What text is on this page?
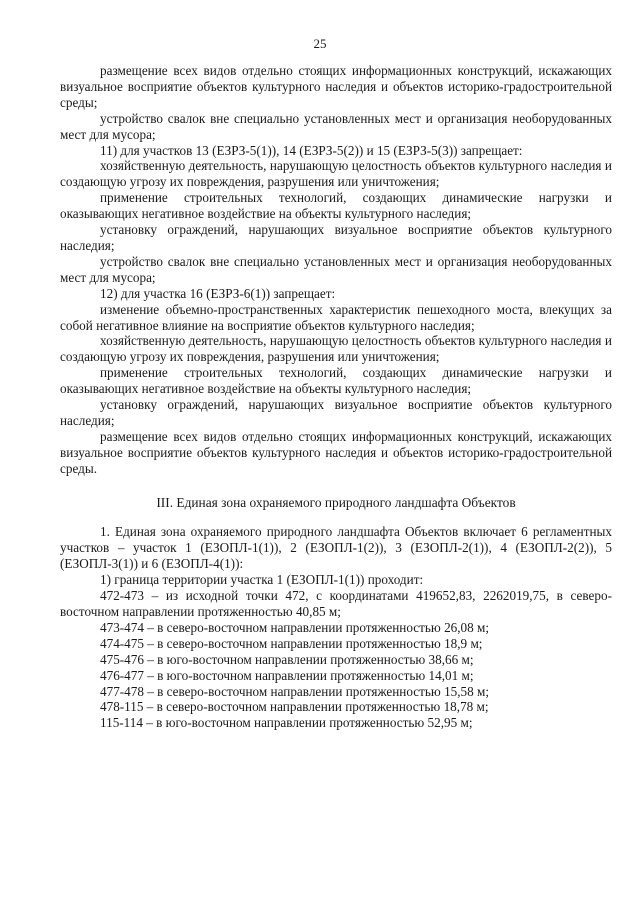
25

размещение всех видов отдельно стоящих информационных конструкций, искажающих визуальное восприятие объектов культурного наследия и объектов историко-градостроительной среды;

устройство свалок вне специально установленных мест и организация необорудованных мест для мусора;

11) для участков 13 (ЕЗРЗ-5(1)), 14 (ЕЗРЗ-5(2)) и 15 (ЕЗРЗ-5(3)) запрещает:

хозяйственную деятельность, нарушающую целостность объектов культурного наследия и создающую угрозу их повреждения, разрушения или уничтожения;

применение строительных технологий, создающих динамические нагрузки и оказывающих негативное воздействие на объекты культурного наследия;

установку ограждений, нарушающих визуальное восприятие объектов культурного наследия;

устройство свалок вне специально установленных мест и организация необорудованных мест для мусора;

12) для участка 16 (ЕЗРЗ-6(1)) запрещает:

изменение объемно-пространственных характеристик пешеходного моста, влекущих за собой негативное влияние на восприятие объектов культурного наследия;

хозяйственную деятельность, нарушающую целостность объектов культурного наследия и создающую угрозу их повреждения, разрушения или уничтожения;

применение строительных технологий, создающих динамические нагрузки и оказывающих негативное воздействие на объекты культурного наследия;

установку ограждений, нарушающих визуальное восприятие объектов культурного наследия;

размещение всех видов отдельно стоящих информационных конструкций, искажающих визуальное восприятие объектов культурного наследия и объектов историко-градостроительной среды.

III. Единая зона охраняемого природного ландшафта Объектов

1. Единая зона охраняемого природного ландшафта Объектов включает 6 регламентных участков – участок 1 (ЕЗОПЛ-1(1)), 2 (ЕЗОПЛ-1(2)), 3 (ЕЗОПЛ-2(1)), 4 (ЕЗОПЛ-2(2)), 5 (ЕЗОПЛ-3(1)) и 6 (ЕЗОПЛ-4(1)):

1) граница территории участка 1 (ЕЗОПЛ-1(1)) проходит:

472-473 – из исходной точки 472, с координатами 419652,83, 2262019,75, в северо-восточном направлении протяженностью 40,85 м;

473-474 – в северо-восточном направлении протяженностью 26,08 м;

474-475 – в северо-восточном направлении протяженностью 18,9 м;

475-476 – в юго-восточном направлении протяженностью 38,66 м;

476-477 – в юго-восточном направлении протяженностью 14,01 м;

477-478 – в северо-восточном направлении протяженностью 15,58 м;

478-115 – в северо-восточном направлении протяженностью 18,78 м;

115-114 – в юго-восточном направлении протяженностью 52,95 м;
